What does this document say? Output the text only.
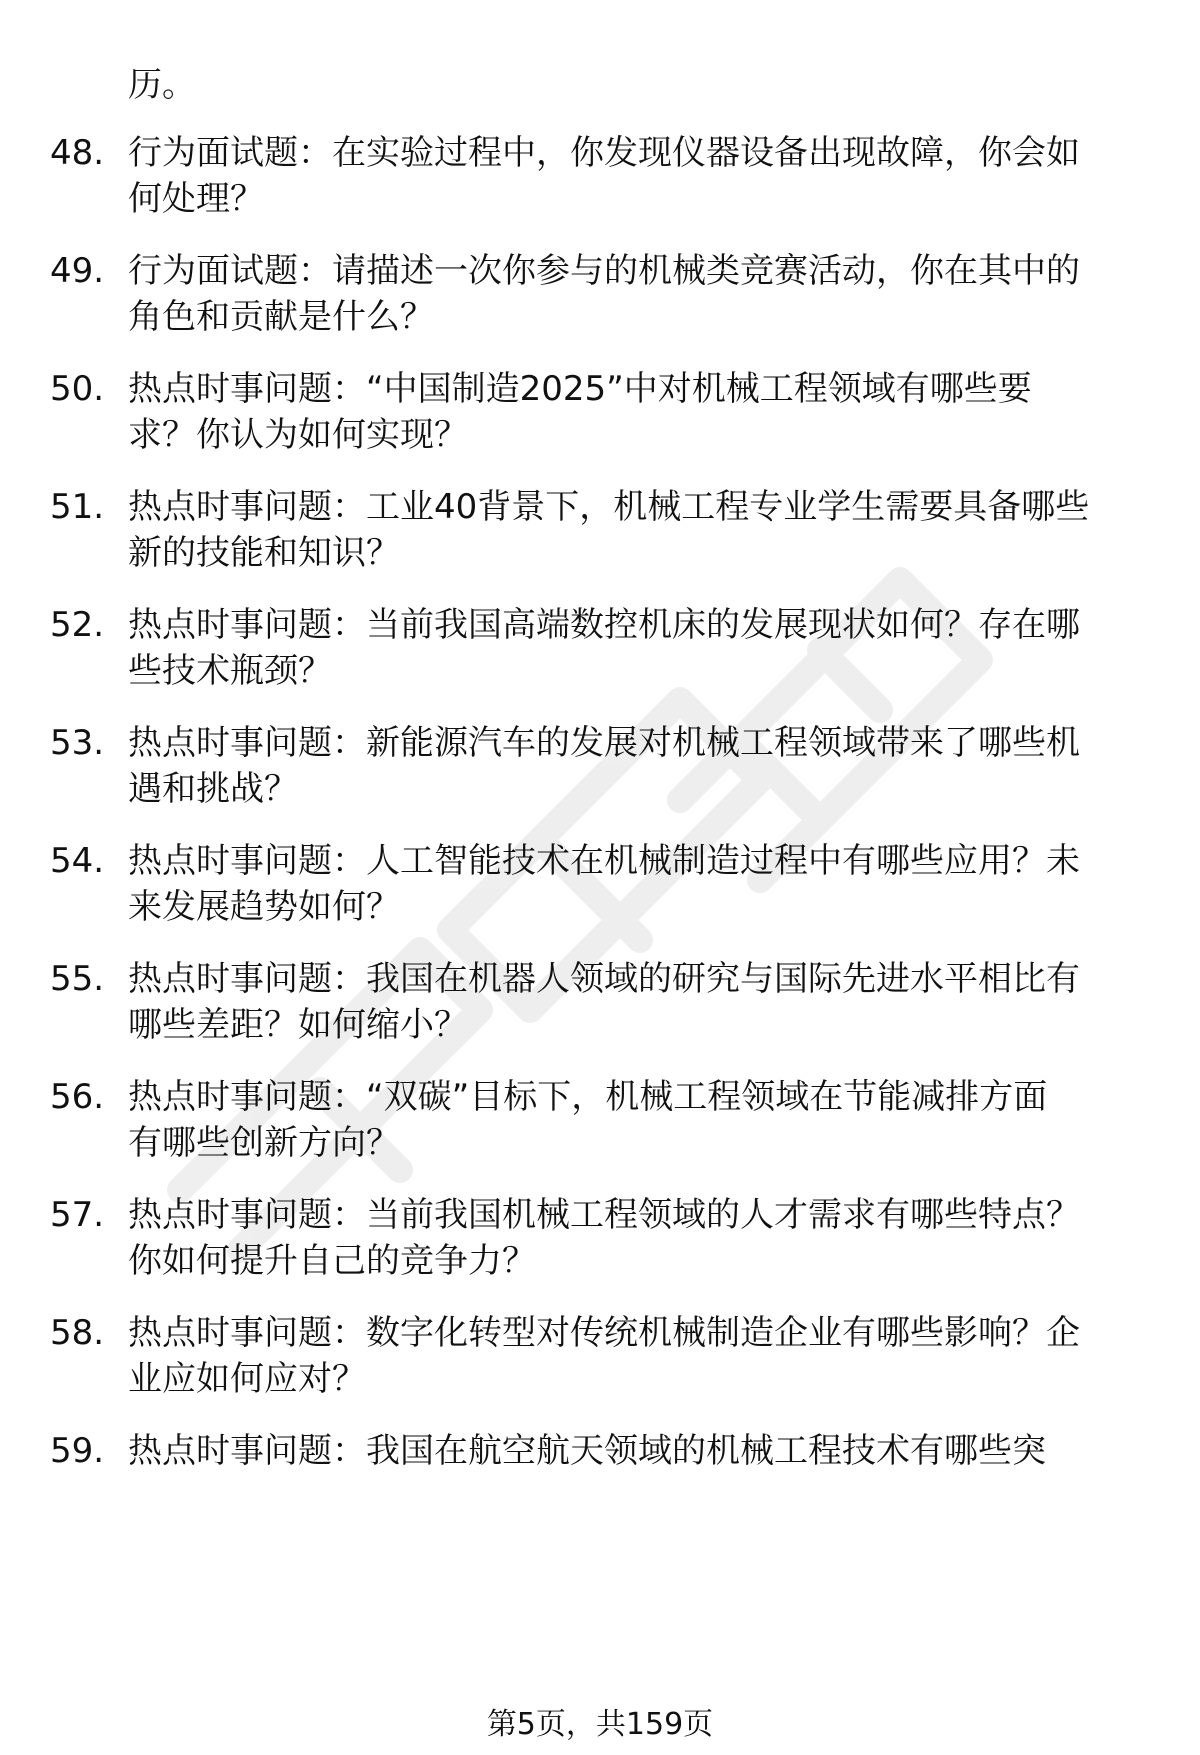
历。
48. 行为面试题：在实验过程中，你发现仪器设备出现故障，你会如
何处理？
49. 行为面试题：请描述一次你参与的机械类竞赛活动，你在其中的
角色和贡献是什么？
50. 热点时事问题：“中国制造2025”中对机械工程领域有哪些要
求？你认为如何实现？
51. 热点时事问题：工业40背景下，机械工程专业学生需要具备哪些
新的技能和知识？
52. 热点时事问题：当前我国高端数控机床的发展现状如何？存在哪
些技术瓶颈？
53. 热点时事问题：新能源汽车的发展对机械工程领域带来了哪些机
遇和挑战？
54. 热点时事问题：人工智能技术在机械制造过程中有哪些应用？未
来发展趋势如何？
55. 热点时事问题：我国在机器人领域的研究与国际先进水平相比有
哪些差距？如何缩小？
56. 热点时事问题：“双碳”目标下，机械工程领域在节能减排方面
有哪些创新方向？
57. 热点时事问题：当前我国机械工程领域的人才需求有哪些特点？
你如何提升自己的竞争力？
58. 热点时事问题：数字化转型对传统机械制造企业有哪些影响？企
业应如何应对？
59. 热点时事问题：我国在航空航天领域的机械工程技术有哪些突
第5页，共159页
